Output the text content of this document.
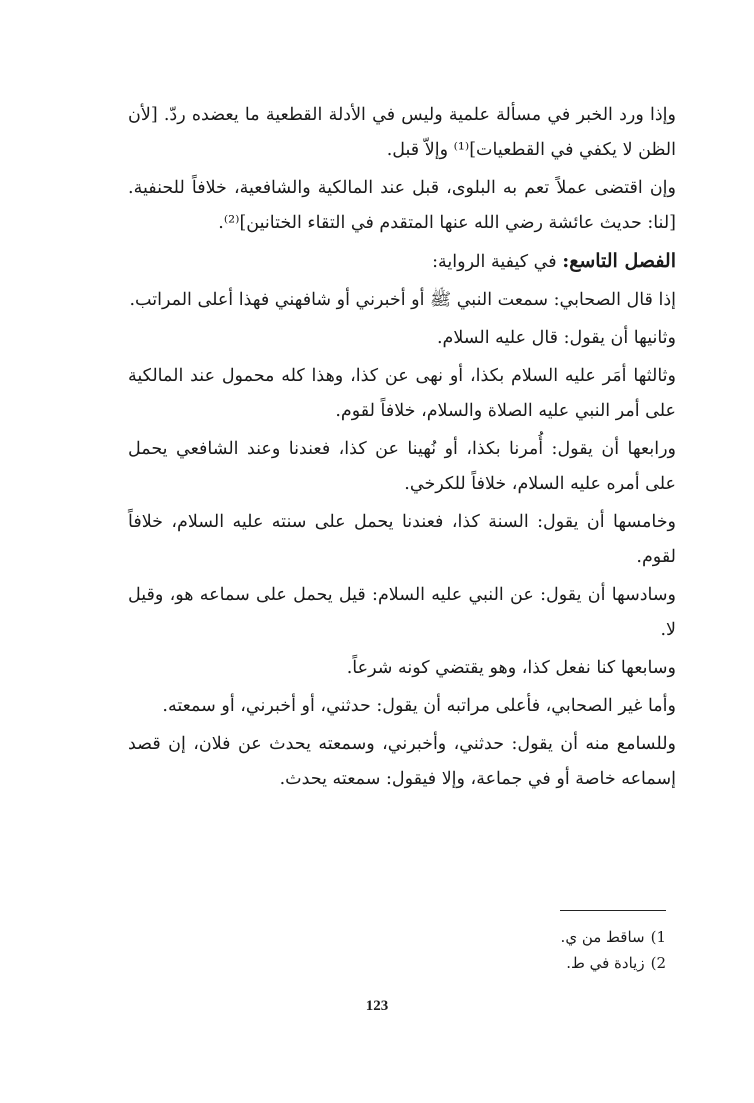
وإذا ورد الخبر في مسألة علمية وليس في الأدلة القطعية ما يعضده ردّ. [لأن الظن لا يكفي في القطعيات]⁽¹⁾ وإلاّ قبل.

وإن اقتضى عملاً تعم به البلوى، قبل عند المالكية والشافعية، خلافاً للحنفية. [لنا: حديث عائشة رضي الله عنها المتقدم في التقاء الختانين]⁽²⁾.

الفصل التاسع: في كيفية الرواية:

إذا قال الصحابي: سمعت النبي ﷺ أو أخبرني أو شافهني فهذا أعلى المراتب.

وثانيها أن يقول: قال عليه السلام.

وثالثها أمَر عليه السلام بكذا، أو نهى عن كذا، وهذا كله محمول عند المالكية على أمر النبي عليه الصلاة والسلام، خلافاً لقوم.

ورابعها أن يقول: أُمرنا بكذا، أو نُهينا عن كذا، فعندنا وعند الشافعي يحمل على أمره عليه السلام، خلافاً للكرخي.

وخامسها أن يقول: السنة كذا، فعندنا يحمل على سنته عليه السلام، خلافاً لقوم.

وسادسها أن يقول: عن النبي عليه السلام: قيل يحمل على سماعه هو، وقيل لا.

وسابعها كنا نفعل كذا، وهو يقتضي كونه شرعاً.

وأما غير الصحابي، فأعلى مراتبه أن يقول: حدثني، أو أخبرني، أو سمعته.

وللسامع منه أن يقول: حدثني، وأخبرني، وسمعته يحدث عن فلان، إن قصد إسماعه خاصة أو في جماعة، وإلا فيقول: سمعته يحدث.

1)ساقط من ي.
2)زيادة في ط.
123
